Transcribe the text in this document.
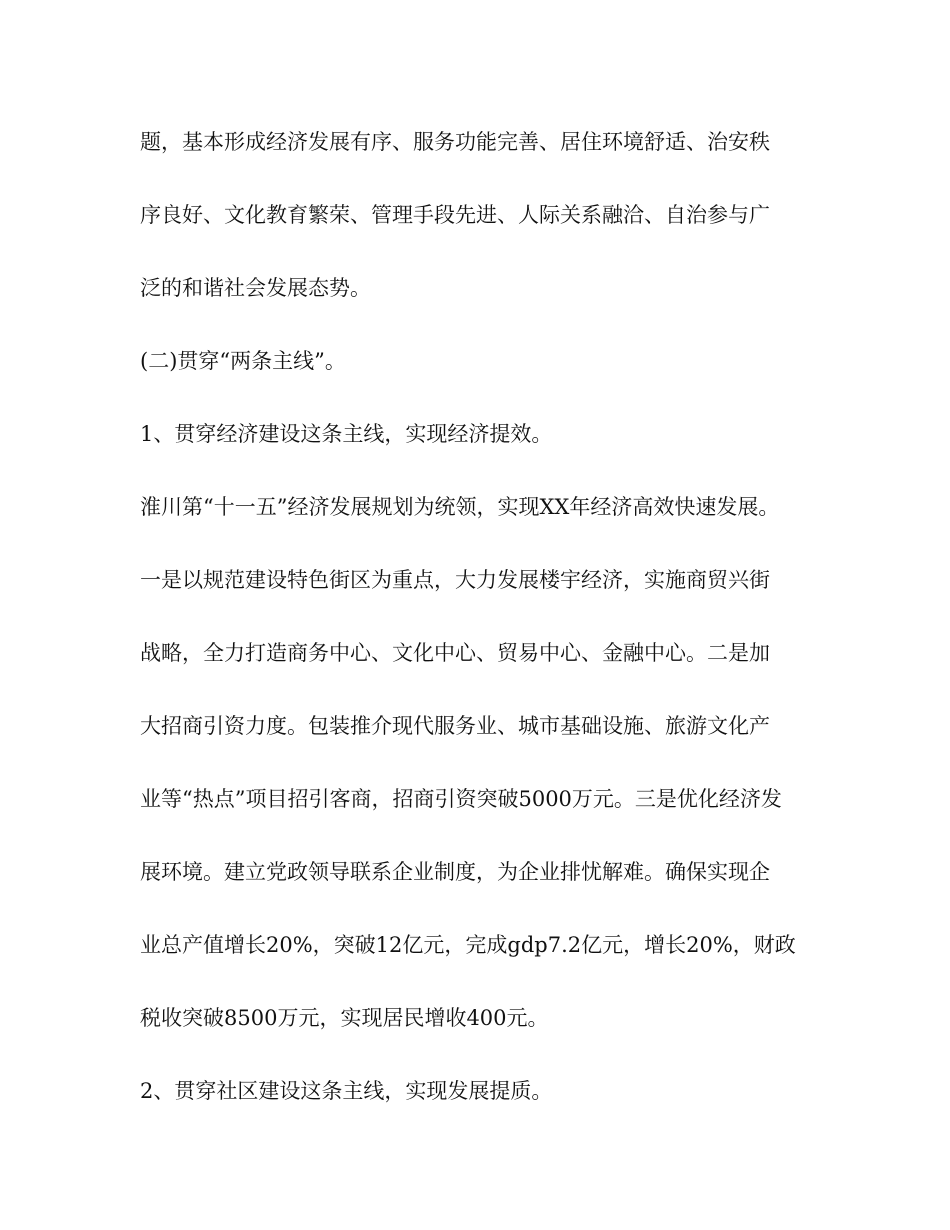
题，基本形成经济发展有序、服务功能完善、居住环境舒适、治安秩
序良好、文化教育繁荣、管理手段先进、人际关系融洽、自治参与广
泛的和谐社会发展态势。
(二)贯穿“两条主线”。
1、贯穿经济建设这条主线，实现经济提效。
淮川第“十一五”经济发展规划为统领，实现XX年经济高效快速发展。
一是以规范建设特色街区为重点，大力发展楼宇经济，实施商贸兴街
战略，全力打造商务中心、文化中心、贸易中心、金融中心。二是加
大招商引资力度。包装推介现代服务业、城市基础设施、旅游文化产
业等“热点”项目招引客商，招商引资突破5000万元。三是优化经济发
展环境。建立党政领导联系企业制度，为企业排忧解难。确保实现企
业总产值增长20%，突破12亿元，完成gdp7.2亿元，增长20%，财政
税收突破8500万元，实现居民增收400元。
2、贯穿社区建设这条主线，实现发展提质。
